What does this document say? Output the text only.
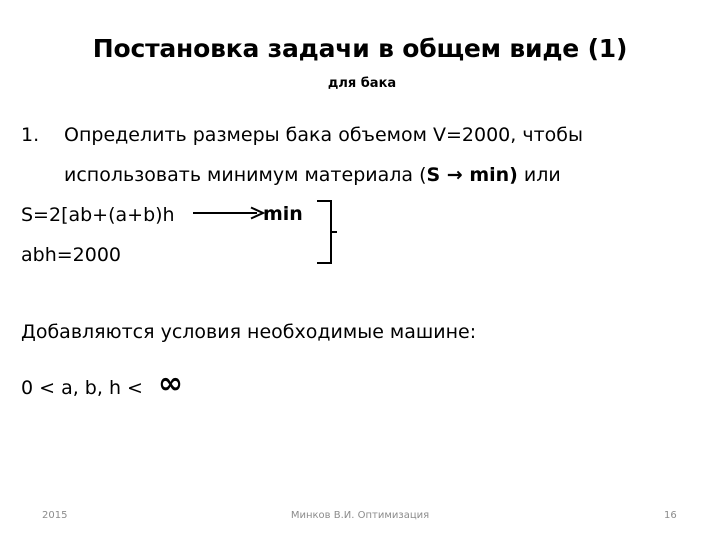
Постановка задачи в общем виде (1)
для бака
1. Определить размеры бака объемом V=2000, чтобы
использовать минимум материала (S → min) или
S=2[ab+(a+b)h	min
abh=2000
Добавляются условия необходимые машине:
0 < a, b, h < ∞
2015	Минков В.И. Оптимизация	16
